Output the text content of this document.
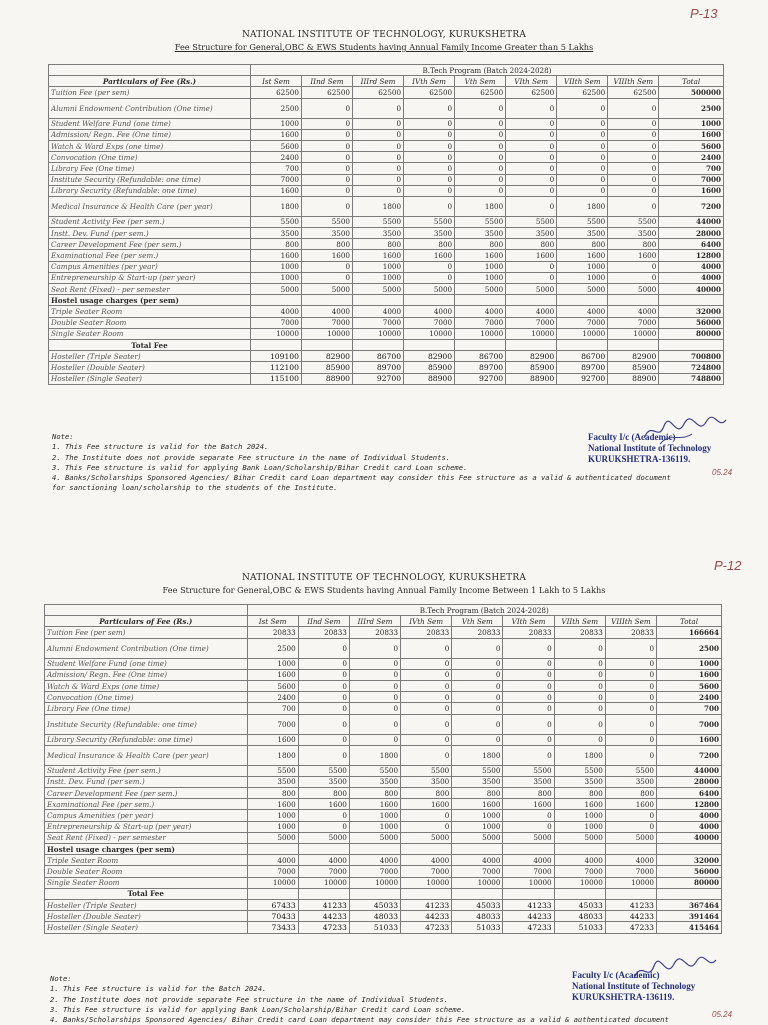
P-13
NATIONAL INSTITUTE OF TECHNOLOGY, KURUKSHETRA
Fee Structure for General,OBC & EWS Students having Annual Family Income Greater than 5 Lakhs
	B.Tech Program (Batch 2024-2028)								
Particulars of Fee (Rs.)	Ist Sem	IInd Sem	IIIrd Sem	IVth Sem	Vth Sem	VIth Sem	VIIth Sem	VIIIth Sem	Total
Tuition Fee (per sem)	62500	62500	62500	62500	62500	62500	62500	62500	500000
Alumni Endowment Contribution (One time)	2500	0	0	0	0	0	0	0	2500
Student Welfare Fund (one time)	1000	0	0	0	0	0	0	0	1000
Admission/ Regn. Fee (One time)	1600	0	0	0	0	0	0	0	1600
Watch & Ward Exps (one time)	5600	0	0	0	0	0	0	0	5600
Convocation (One time)	2400	0	0	0	0	0	0	0	2400
Library Fee (One time)	700	0	0	0	0	0	0	0	700
Institute Security (Refundable: one time)	7000	0	0	0	0	0	0	0	7000
Library Security (Refundable: one time)	1600	0	0	0	0	0	0	0	1600
Medical Insurance & Health Care (per year)	1800	0	1800	0	1800	0	1800	0	7200
Student Activity Fee (per sem.)	5500	5500	5500	5500	5500	5500	5500	5500	44000
Instt. Dev. Fund (per sem.)	3500	3500	3500	3500	3500	3500	3500	3500	28000
Career Development Fee (per sem.)	800	800	800	800	800	800	800	800	6400
Examinational Fee (per sem.)	1600	1600	1600	1600	1600	1600	1600	1600	12800
Campus Amenities (per year)	1000	0	1000	0	1000	0	1000	0	4000
Entrepreneurship & Start-up (per year)	1000	0	1000	0	1000	0	1000	0	4000
Seat Rent (Fixed) - per semester	5000	5000	5000	5000	5000	5000	5000	5000	40000
Hostel usage charges (per sem)									
Triple Seater Room	4000	4000	4000	4000	4000	4000	4000	4000	32000
Double Seater Room	7000	7000	7000	7000	7000	7000	7000	7000	56000
Single Seater Room	10000	10000	10000	10000	10000	10000	10000	10000	80000
Total Fee									
Hosteller (Triple Seater)	109100	82900	86700	82900	86700	82900	86700	82900	700800
Hosteller (Double Seater)	112100	85900	89700	85900	89700	85900	89700	85900	724800
Hosteller (Single Seater)	115100	88900	92700	88900	92700	88900	92700	88900	748800
Note:
1. This Fee structure is valid for the Batch 2024.
2. The Institute does not provide separate Fee structure in the name of Individual Students.
3. This Fee structure is valid for applying Bank Loan/Scholarship/Bihar Credit card Loan scheme.
4. Banks/Scholarships Sponsored Agencies/ Bihar Credit card Loan department may consider this Fee structure as a valid & authenticated document
for sanctioning loan/scholarship to the students of the Institute.
Faculty I/c (Academic)
National Institute of Technology
KURUKSHETRA-136119.
05.24
P-12
NATIONAL INSTITUTE OF TECHNOLOGY, KURUKSHETRA
Fee Structure for General,OBC & EWS Students having Annual Family Income Between 1 Lakh to 5 Lakhs
	B.Tech Program (Batch 2024-2028)								
Particulars of Fee (Rs.)	Ist Sem	IInd Sem	IIIrd Sem	IVth Sem	Vth Sem	VIth Sem	VIIth Sem	VIIIth Sem	Total
Tuition Fee (per sem)	20833	20833	20833	20833	20833	20833	20833	20833	166664
Alumni Endowment Contribution (One time)	2500	0	0	0	0	0	0	0	2500
Student Welfare Fund (one time)	1000	0	0	0	0	0	0	0	1000
Admission/ Regn. Fee (One time)	1600	0	0	0	0	0	0	0	1600
Watch & Ward Exps (one time)	5600	0	0	0	0	0	0	0	5600
Convocation (One time)	2400	0	0	0	0	0	0	0	2400
Library Fee (One time)	700	0	0	0	0	0	0	0	700
Institute Security (Refundable: one time)	7000	0	0	0	0	0	0	0	7000
Library Security (Refundable: one time)	1600	0	0	0	0	0	0	0	1600
Medical Insurance & Health Care (per year)	1800	0	1800	0	1800	0	1800	0	7200
Student Activity Fee (per sem.)	5500	5500	5500	5500	5500	5500	5500	5500	44000
Instt. Dev. Fund (per sem.)	3500	3500	3500	3500	3500	3500	3500	3500	28000
Career Development Fee (per sem.)	800	800	800	800	800	800	800	800	6400
Examinational Fee (per sem.)	1600	1600	1600	1600	1600	1600	1600	1600	12800
Campus Amenities (per year)	1000	0	1000	0	1000	0	1000	0	4000
Entrepreneurship & Start-up (per year)	1000	0	1000	0	1000	0	1000	0	4000
Seat Rent (Fixed) - per semester	5000	5000	5000	5000	5000	5000	5000	5000	40000
Hostel usage charges (per sem)									
Triple Seater Room	4000	4000	4000	4000	4000	4000	4000	4000	32000
Double Seater Room	7000	7000	7000	7000	7000	7000	7000	7000	56000
Single Seater Room	10000	10000	10000	10000	10000	10000	10000	10000	80000
Total Fee									
Hosteller (Triple Seater)	67433	41233	45033	41233	45033	41233	45033	41233	367464
Hosteller (Double Seater)	70433	44233	48033	44233	48033	44233	48033	44233	391464
Hosteller (Single Seater)	73433	47233	51033	47233	51033	47233	51033	47233	415464
Note:
1. This Fee structure is valid for the Batch 2024.
2. The Institute does not provide separate Fee structure in the name of Individual Students.
3. This Fee structure is valid for applying Bank Loan/Scholarship/Bihar Credit card Loan scheme.
4. Banks/Scholarships Sponsored Agencies/ Bihar Credit card Loan department may consider this Fee structure as a valid & authenticated document
Faculty I/c (Academic)
National Institute of Technology
KURUKSHETRA-136119.
05.24
